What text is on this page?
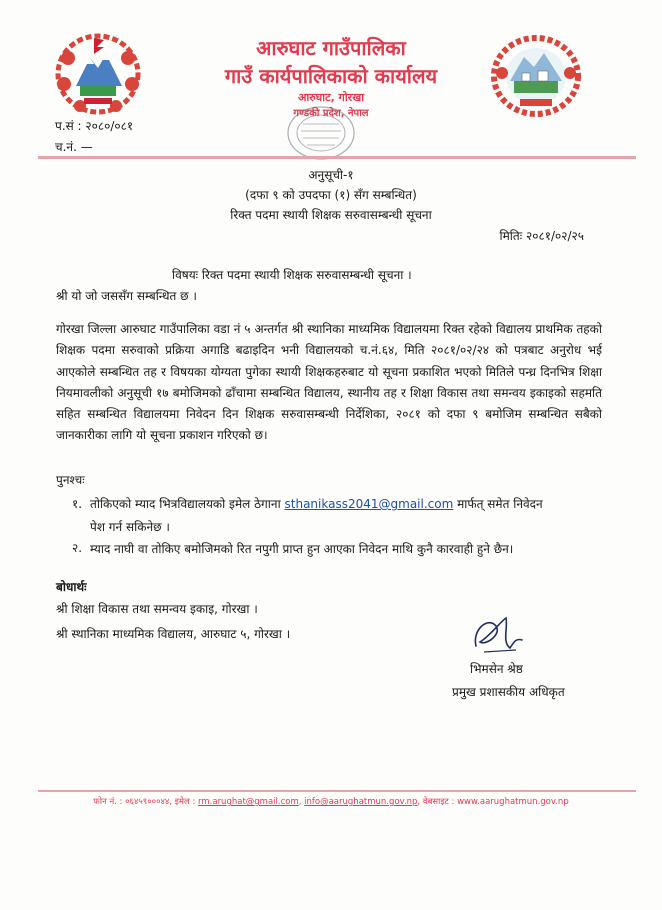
आरुघाट गाउँपालिका
गाउँ कार्यपालिकाको कार्यालय
आरुघाट, गोरखा
गण्डकी प्रदेश, नेपाल
प.सं : २०८०/०८१
च.नं. —
अनुसूची-१
(दफा ९ को उपदफा (१) सँग सम्बन्धित)
रिक्त पदमा स्थायी शिक्षक सरुवासम्बन्धी सूचना
मितिः २०८१/०२/२५
विषयः रिक्त पदमा स्थायी शिक्षक सरुवासम्बन्धी सूचना ।
श्री यो जो जससँग सम्बन्धित छ ।
गोरखा जिल्ला आरुघाट गाउँपालिका वडा नं ५ अन्तर्गत श्री स्थानिका माध्यमिक विद्यालयमा रिक्त रहेको विद्यालय प्राथमिक तहको शिक्षक पदमा सरुवाको प्रक्रिया अगाडि बढाइदिन भनी विद्यालयको च.नं.६४, मिति २०८१/०२/२४ को पत्रबाट अनुरोध भई आएकोले सम्बन्धित तह र विषयका योग्यता पुगेका स्थायी शिक्षकहरुबाट यो सूचना प्रकाशित भएको मितिले पन्ध्र दिनभित्र शिक्षा नियमावलीको अनुसूची १७ बमोजिमको ढाँचामा सम्बन्धित विद्यालय, स्थानीय तह र शिक्षा विकास तथा समन्वय इकाइको सहमति सहित सम्बन्धित विद्यालयमा निवेदन दिन शिक्षक सरुवासम्बन्धी निर्देशिका, २०८१ को दफा ९ बमोजिम सम्बन्धित सबैको जानकारीका लागि यो सूचना प्रकाशन गरिएको छ।
पुनश्चः
१. तोकिएको म्याद भित्रविद्यालयको इमेल ठेगाना sthanikass2041@gmail.com मार्फत् समेत निवेदन
पेश गर्न सकिनेछ ।
२. म्याद नाघी वा तोकिए बमोजिमको रित नपुगी प्राप्त हुन आएका निवेदन माथि कुनै कारवाही हुने छैन।
बोधार्थः
श्री शिक्षा विकास तथा समन्वय इकाइ, गोरखा ।
श्री स्थानिका माध्यमिक विद्यालय, आरुघाट ५, गोरखा ।
भिमसेन श्रेष्ठ
प्रमुख प्रशासकीय अधिकृत
फोन नं. : ०६४५९०००४४, इमेल : rm.arughat@gmail.com, info@aarughatmun.gov.np, वेबसाइट : www.aarughatmun.gov.np
